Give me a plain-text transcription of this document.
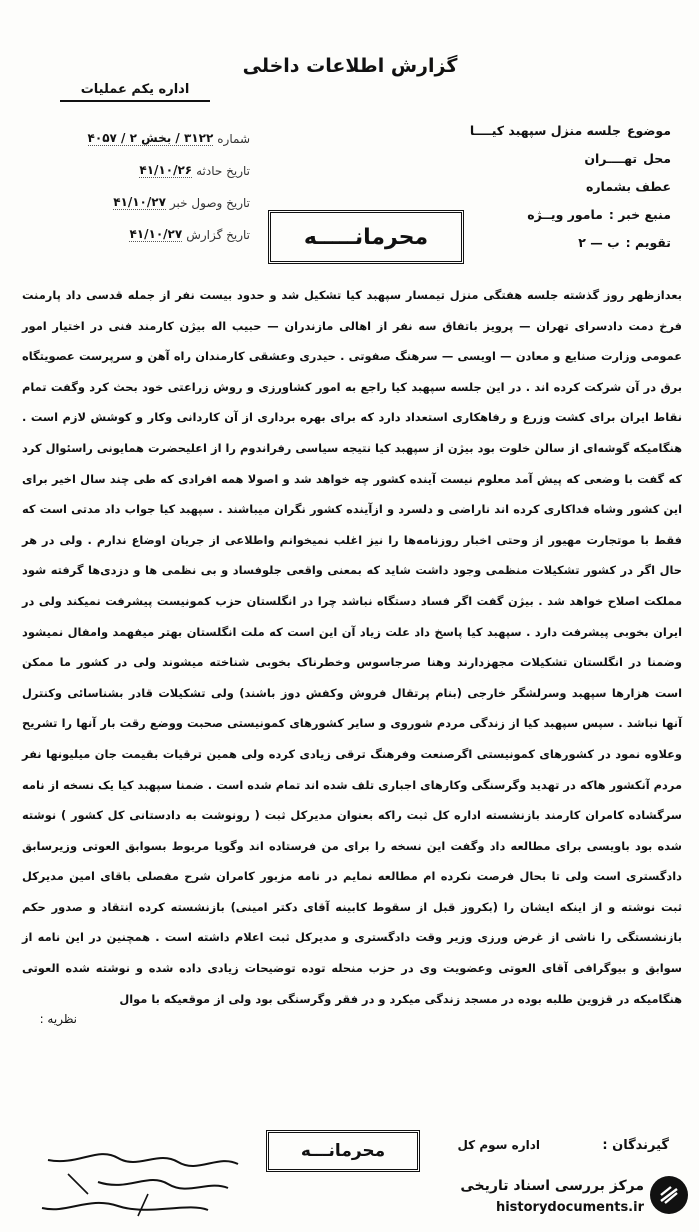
گزارش اطلاعات داخلی
اداره یکم عملیات
موضوع
جلسه منزل سپهبد کیــــا
محل
تهــــران
عطف بشماره
منبع خبر :
مامور ویــژه
تقویم :
ب — ۲
شماره
۳۱۲۲ / بخش ۲ / ۴۰۵۷
تاریخ حادثه
۴۱/۱۰/۲۶
تاریخ وصول خبر
۴۱/۱۰/۲۷
تاریخ گزارش
۴۱/۱۰/۲۷	محرمانـــــه
بعدازظهر روز گذشته جلسه هفتگی منزل تیمسار سپهبد کیا تشکیل شد و حدود بیست نفر از جمله قدسی داد پارمنت فرخ دمت دادسرای تهران — پرویز باتفاق سه نفر از اهالی مازندران — حبیب اله بیژن کارمند فنی در اختیار امور عمومی وزارت صنایع و معادن — اویسی — سرهنگ صفوتی . حیدری وعشقی کارمندان راه آهن و سرپرست عصویتگاه برق در آن شرکت کرده اند . در این جلسه سپهبد کیا راجع به امور کشاورزی و روش زراعتی خود بحث کرد وگفت تمام نقاط ایران برای کشت وزرع و رفاهکاری استعداد دارد که برای بهره برداری از آن کاردانی وکار و کوشش لازم است . هنگامیکه گوشه‌ای از سالن خلوت بود بیژن از سپهبد کیا نتیجه سیاسی رفراندوم را از اعلیحضرت همایونی راسئوال کرد که گفت با وضعی که پیش آمد معلوم نیست آینده کشور چه خواهد شد و اصولا همه افرادی که طی چند سال اخیر برای این کشور وشاه فداکاری کرده اند ناراضی و دلسرد و ازآینده کشور نگران میباشند . سپهبد کیا جواب داد مدتی است که فقط با موتجارت مهیور از وحتی اخبار روزنامه‌ها را نیز اغلب نمیخوانم واطلاعی از جریان اوضاع ندارم . ولی در هر حال اگر در کشور تشکیلات منظمی وجود داشت شاید که بمعنی واقعی جلوفساد و بی نظمی ها و دزدی‌ها گرفته شود مملکت اصلاح خواهد شد . بیژن گفت اگر فساد دستگاه نباشد چرا در انگلستان حزب کمونیست پیشرفت نمیکند ولی در ایران بخوبی پیشرفت دارد . سپهبد کیا پاسخ داد علت زیاد آن این است که ملت انگلستان بهتر میفهمد وامفال نمیشود وضمنا در انگلستان تشکیلات مجهزدارند وهنا صرجاسوس وخطرناک بخوبی شناخته میشوند ولی در کشور ما ممکن است هزارها سپهبد وسرلشگر خارجی (بنام پرتقال فروش وکفش دوز باشند) ولی تشکیلات قادر بشناسائی وکنترل آنها نباشد . سپس سپهبد کیا از زندگی مردم شوروی و سایر کشورهای کمونیستی صحبت ووضع رقت بار آنها را تشریح وعلاوه نمود در کشورهای کمونیستی اگرصنعت وفرهنگ ترقی زیادی کرده ولی همین ترقیات بقیمت جان میلیونها نفر مردم آنکشور هاکه در تهدید وگرسنگی وکارهای اجباری تلف شده اند تمام شده است . ضمنا سپهبد کیا یک نسخه از نامه سرگشاده کامران کارمند بازنشسته اداره کل ثبت راکه بعنوان مدیرکل ثبت ( رونوشت به دادستانی کل کشور ) نوشته شده بود باویسی برای مطالعه داد وگفت این نسخه را برای من فرستاده اند وگویا مربوط بسوابق العوتی وزیرسابق دادگستری است ولی تا بحال فرصت نکرده ام مطالعه نمایم در نامه مزبور کامران شرح مفصلی باقای امین مدیرکل ثبت نوشته و از اینکه ایشان را (بکروز قبل از سقوط کابینه آقای دکتر امینی) بازنشسته کرده انتقاد و صدور حکم بازنشستگی را ناشی از غرض ورزی وزیر وقت دادگستری و مدیرکل ثبت اعلام داشته است . همچنین در این نامه از سوابق و بیوگرافی آقای العوتی وعضویت وی در حزب منحله توده توضیحات زیادی داده شده و نوشته شده العوتی هنگامیکه در قزوین طلبه بوده در مسجد زندگی میکرد و در فقر وگرسنگی بود ولی از موقعیکه با موال
نظریه :
گیرندگان :
اداره سوم کل
محرمانـــه
مرکز بررسی اسناد تاریخی
historydocuments.ir
